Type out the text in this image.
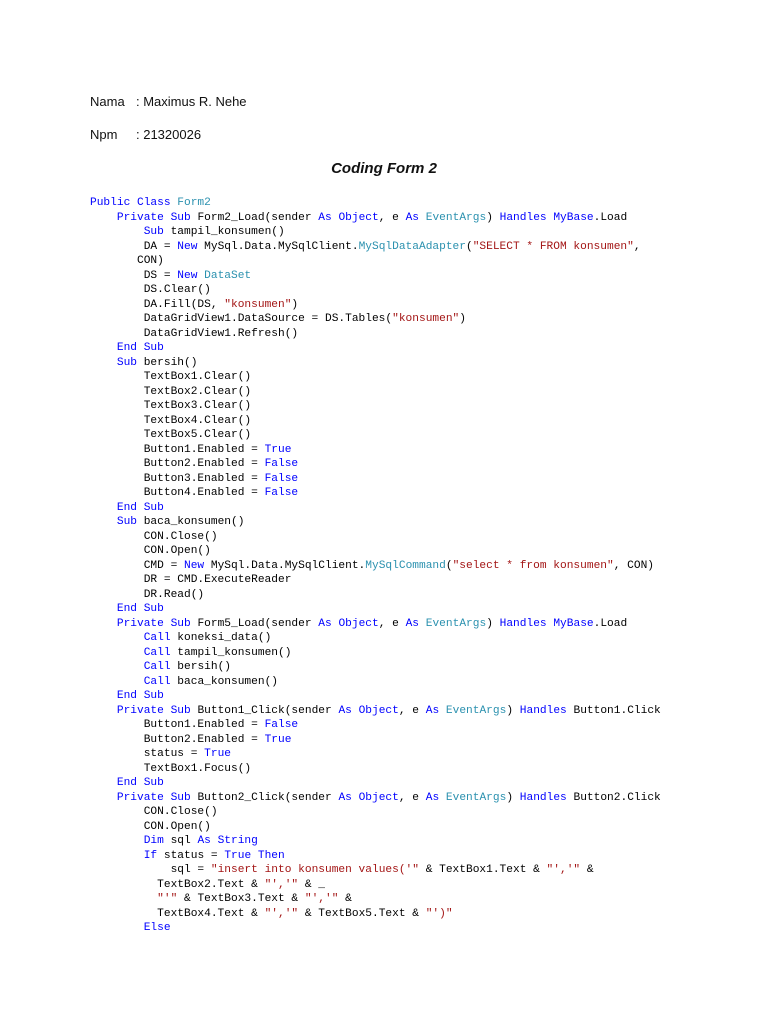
Nama : Maximus R. Nehe
Npm : 21320026
Coding Form 2
Public Class Form2
Private Sub Form2_Load(sender As Object, e As EventArgs) Handles MyBase.Load
Sub tampil_konsumen()
DA = New MySql.Data.MySqlClient.MySqlDataAdapter("SELECT * FROM konsumen",
CON)
DS = New DataSet
DS.Clear()
DA.Fill(DS, "konsumen")
DataGridView1.DataSource = DS.Tables("konsumen")
DataGridView1.Refresh()
End Sub
Sub bersih()
TextBox1.Clear()
TextBox2.Clear()
TextBox3.Clear()
TextBox4.Clear()
TextBox5.Clear()
Button1.Enabled = True
Button2.Enabled = False
Button3.Enabled = False
Button4.Enabled = False
End Sub
Sub baca_konsumen()
CON.Close()
CON.Open()
CMD = New MySql.Data.MySqlClient.MySqlCommand("select * from konsumen", CON)
DR = CMD.ExecuteReader
DR.Read()
End Sub
Private Sub Form5_Load(sender As Object, e As EventArgs) Handles MyBase.Load
Call koneksi_data()
Call tampil_konsumen()
Call bersih()
Call baca_konsumen()
End Sub
Private Sub Button1_Click(sender As Object, e As EventArgs) Handles Button1.Click
Button1.Enabled = False
Button2.Enabled = True
status = True
TextBox1.Focus()
End Sub
Private Sub Button2_Click(sender As Object, e As EventArgs) Handles Button2.Click
CON.Close()
CON.Open()
Dim sql As String
If status = True Then
sql = "insert into konsumen values('" & TextBox1.Text & "','" &
TextBox2.Text & "','" & _
"'" & TextBox3.Text & "','" &
TextBox4.Text & "','" & TextBox5.Text & "')"
Else
